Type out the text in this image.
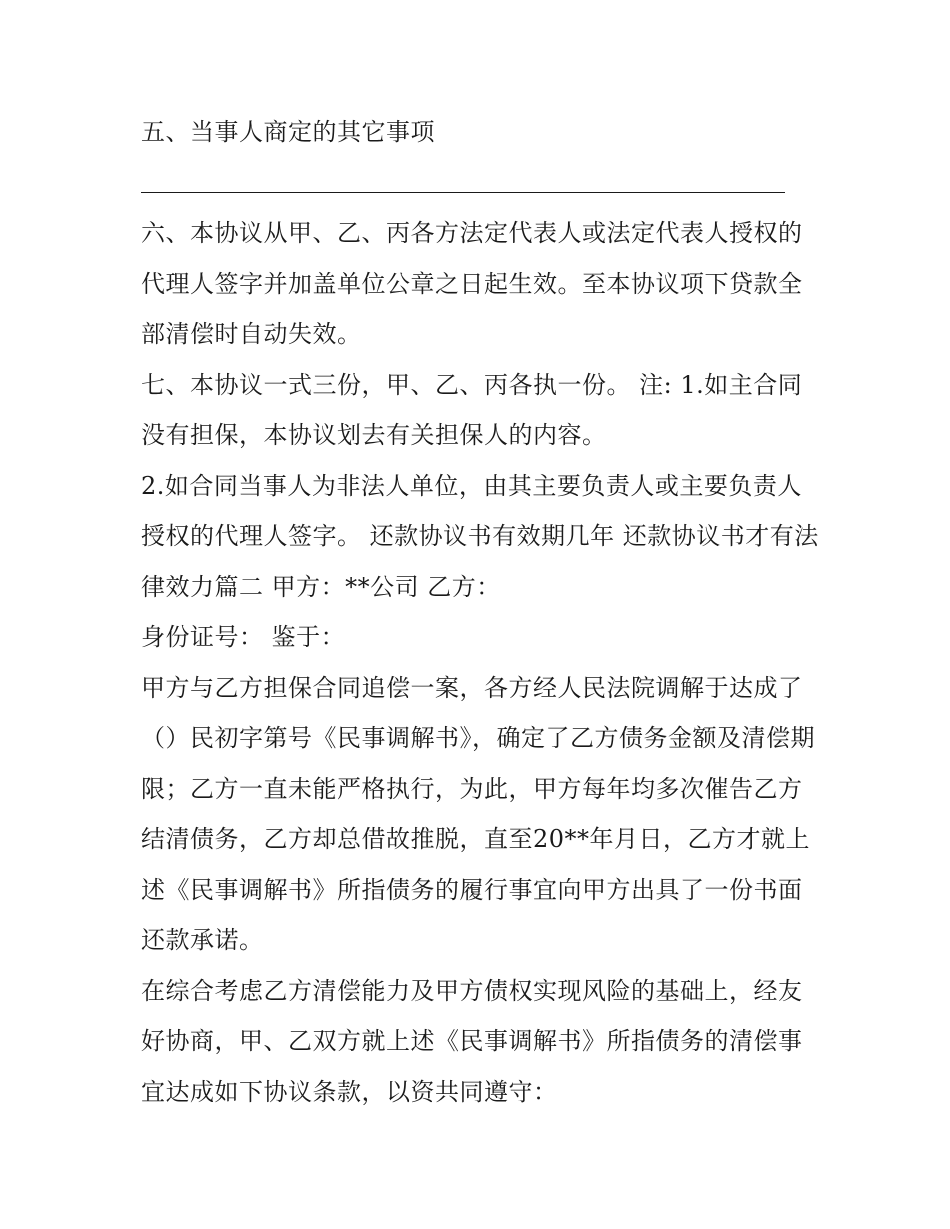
五、当事人商定的其它事项

六、本协议从甲、乙、丙各方法定代表人或法定代表人授权的代理人签字并加盖单位公章之日起生效。至本协议项下贷款全部清偿时自动失效。

七、本协议一式三份，甲、乙、丙各执一份。 注: 1.如主合同没有担保，本协议划去有关担保人的内容。

2.如合同当事人为非法人单位，由其主要负责人或主要负责人授权的代理人签字。 还款协议书有效期几年 还款协议书才有法律效力篇二 甲方：**公司 乙方：

身份证号： 鉴于：

甲方与乙方担保合同追偿一案，各方经人民法院调解于达成了（）民初字第号《民事调解书》，确定了乙方债务金额及清偿期限；乙方一直未能严格执行，为此，甲方每年均多次催告乙方结清债务，乙方却总借故推脱，直至20**年月日，乙方才就上述《民事调解书》所指债务的履行事宜向甲方出具了一份书面还款承诺。

在综合考虑乙方清偿能力及甲方债权实现风险的基础上，经友好协商，甲、乙双方就上述《民事调解书》所指债务的清偿事宜达成如下协议条款，以资共同遵守：
